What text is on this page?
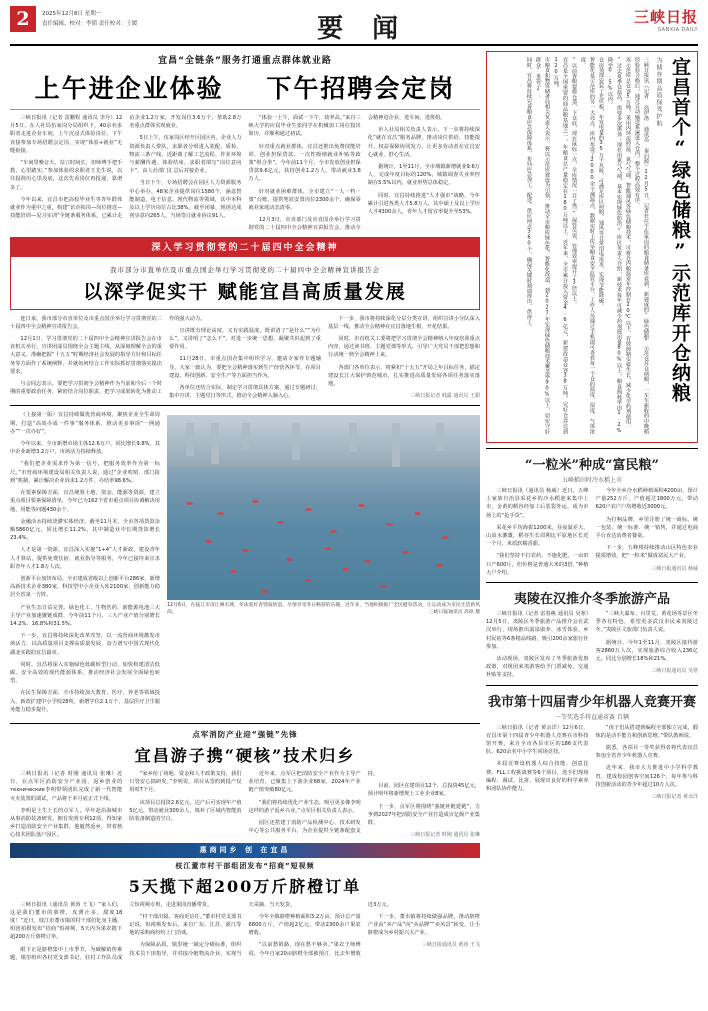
2	2025年12月8日 星期一
责任编辑、校对：李韬 责任校对：王媛	要 闻	三峡日报
SANXIA DAILY
宜昌“全链条”服务打通重点群体就业路
上午进企业体验 下午招聘会定岗

三峡日报讯（记者 雷鹏程 通讯员 李丹）12月5日，在人社局伍家岗分局组织下，40余名求职者走进企业车间，上午沉浸式体验岗位，下午直接参加专场招聘会定岗，实现“体验+就业”无缝衔接。

“车间里噪音大、站立时间长，但师傅手把手教，心里踏实。”参加体验的求职者王先生说，以往投简历心里没底，这次先看岗位再投递，靠谱多了。

今年以来，宜昌市把高校毕业生等青年群体就业作为重中之重，构建“访企拓岗—岗位推送—技能培训—见习实训”全链条服务体系，已累计走访企业1.2万家，开发岗位3.6万个，帮助2.8万名重点群体实现就业。

5日上午，伍家岗区经开区园区内，企业人力资源负责人带队，求职者分组进入装配、质检、物流三条产线，近距离了解工艺流程、作业环境与薪酬待遇。体验结束，求职者填写“岗位意向卡”，由人社部门汇总后对接企业。

当日下午，专场招聘会在园区人力资源服务中心举办，48家企业提供岗位1580个，涵盖智能制造、电子信息、现代物流等领域，其中本科及以上学历岗位占比38%。截至闭幕，现场达成初步意向265人，当场签订就业协议91人。

“体验一上午，面试一下午，效率高。”来自三峡大学的应届毕业生张同学在机械加工岗位投出简历，并顺利通过初试。

针对重点就业群体，宜昌还推出免费技能培训、创业担保贷款、一次性吸纳就业补贴等政策“组合拳”。今年前11个月，全市发放创业担保贷款9.6亿元，扶持创业1.2万人，带动就业3.8万人。

针对就业困难群体，全市建立“一人一档一策”台账，提供兜底安置岗位2300余个，确保零就业家庭动态清零。

12月3日，市直部门及市直国企举行学习贯彻党的二十届四中全会精神宣讲报告会，推动全会精神进企业、进车间、进班组。

市人社局相关负责人表示，下一步将持续深化“就在宜昌”服务品牌，推动岗位供给、技能提升、权益保障协同发力，让更多劳动者在宜昌安心就业、舒心生活。

据统计，1至11月，全市城镇新增就业9.6万人，完成年度目标的120%，城镇调查失业率控制在5.5%以内，就业形势总体稳定。

同时，宜昌持续推进“人才强市”战略，今年累计引进各类人才5.8万人，其中硕士及以上学历人才4300余人，青年人才留宜率提升至53%。

深入学习贯彻党的二十届四中全会精神
我市部分市直单位及市重点国企举行学习贯彻党的二十届四中全会精神宣讲报告会
以深学促实干 赋能宜昌高质量发展

连日来，我市部分市直单位及市重点国企举行学习贯彻党的二十届四中全会精神宣讲报告会。

12月1日，学习贯彻党的二十届四中全会精神宣讲报告会在市直机关举行，宣讲团成员围绕全会主题主线，从深刻理解全会的重大意义、准确把握“十五五”时期经济社会发展的指导方针和目标任务等方面作了系统阐释，并就如何结合工作实际抓好贯彻落实提出要求。

与会同志表示，要把学习贯彻全会精神作为当前和今后一个时期的重要政治任务，紧密结合岗位职责，把学习成果转化为推动工作的强大动力。

宣讲既有理论高度，又有实践温度，既讲清了“是什么”“为什么”，又讲明了“怎么干”，对进一步统一思想、凝聚共识起到了重要作用。

11月28日，市重点国企集中组织学习，邀请专家作专题辅导。大家一致认为，要把全会精神落实到生产经营各环节，在项目建设、科技创新、安全生产等方面担当作为。

各单位还结合实际，制定学习贯彻具体方案，通过专题研讨、集中宣讲、主题党日等形式，推动全会精神入脑入心。

下一步，我市将持续深化分层分类宣讲，组织宣讲小分队深入基层一线，推动全会精神在宜昌落地生根、开花结果。

同时，市直机关工委将把学习贯彻全会精神纳入年度培训重点内容，通过读书班、主题党课等形式，引导广大党员干部把思想和行动统一到全会精神上来。

各部门各单位表示，将紧扣“十五五”开局之年目标任务，锚定建设长江大保护典范城市，扎实推进高质量发展各项任务落实落地。

三峡日报记者 韩露 通讯员 王甜

（上接第一版）宜昌持续做优营商环境，聚焦企业全生命周期，打造“高效办成一件事”服务体系，推动更多事项“一网通办”“一次办好”。

今年以来，全市新增市场主体12.6万户，同比增长9.8%，其中企业新增3.2万户，市场活力持续释放。

“我们把企业需求作为第一信号，把服务效率作为第一标尺。”市营商环境建设局相关负责人说，通过“企业吹哨、部门报到”机制，累计解决企业诉求1.2万件，办结率98.6%。

在要素保障方面，宜昌统筹土地、资金、能源等资源，建立重点项目要素保障清单，今年已为162个省市重点项目协调解决用地、用能等问题430余个。

金融活水持续浇灌实体经济。截至11月末，全市各项贷款余额5860亿元，同比增长11.2%，其中制造业中长期贷款增长23.4%。

人才是第一资源。宜昌深入实施“1+4”人才新政，建设青年人才驿站，提供免费住宿、就业指导等服务，今年已接待来宜求职青年人才1.8万人次。

创新平台加快布局。全市建成省级以上创新平台286家，新增高新技术企业380家，科技型中小企业入库2100家，创新能力稳居全省第一方阵。

产业生态日益完善。绿色化工、生物医药、新能源电池三大主导产业加速聚链成群，今年前11个月，三大产业产值分别增长14.2%、16.8%和31.5%。

下一步，宜昌将持续深化改革攻坚，以一流营商环境激发市场活力，以高质量项目支撑高质量发展，奋力谱写中国式现代化湖北实践的宜昌篇章。

同时，宜昌将深入实施绿色低碳转型行动，加快构建清洁低碳、安全高效的现代能源体系，推动经济社会发展全面绿色转型。

在民生保障方面，全市持续加大教育、医疗、养老等领域投入，新改扩建中小学校28所，新增学位2.1万个，基层医疗卫生服务能力稳步提升。

12月6日，在枝江市清江闸水域，冬泳爱好者劈波斩浪，尽情享受冬日畅游的乐趣。近年来，当地积极推广全民健身活动，让运动成为市民生活新风尚。	三峡日报通讯员 高原 摄
点军消防产业迎“强链”先锋
宜昌游子携“硬核”技术归乡

三峡日报讯（记者 时刚 通讯员 张琳）近日，在点军区消防安全产业园，返乡创业的технические李明带领团队完成了新一代智能灭火装置的调试，产品将于本月底正式下线。

李明是土生土长的点军人，早年赴沿海城市从事消防装备研发，拥有发明专利12项。得知家乡打造消防安全产业集群，他毅然返乡，带着核心技术团队落户园区。

“家乡给了场地、资金和人才政策支持，我们只管安心搞研发。”李明说，项目从签约到投产仅用时7个月。

该项目总投资2.6亿元，达产后可实现年产值5亿元，带动就业300余人，填补了区域内智能消防装备制造的空白。

近年来，点军区把消防安全产业作为主导产业培育，已聚集上下游企业68家，2024年产业链产值突破80亿元。

“我们将持续优化产业生态，吸引更多像李明这样的游子返乡兴业。”点军区相关负责人表示。

园区还搭建了消防产品检测中心、技术研发中心等公共服务平台，为企业提供全链条配套支持。

目前，园区在建项目12个，总投资45亿元，预计明年将新增规上工业企业8家。

下一步，点军区将围绕“强链补链延链”，力争到2027年把消防安全产业打造成百亿级产业集群。

三峡日报记者 时刚 通讯员 张琳
惠商同乡 创 在宜昌
枝江董市村干部组团发布“招商”短视频
5天揽下超200万斤脐橙订单

三峡日报讯（通讯员 黄涛 王飞）“家人们，这是我们董市的脐橙，皮薄汁多、甜度18度！”近日，枝江市董市镇的村干部们化身主播，组团拍摄发布“招商”短视频，5天内为果农揽下超200万斤脐橙订单。

眼下正是脐橙集中上市季节，为破解销售难题，镇里组织各村党支部书记、驻村工作队员成立短视频专班，走进果园直播带货。

“村干部出镜，客商更信任。”董市村党支部书记说，短视频发布后，来自广东、江苏、浙江等地的采购商纷纷上门洽谈。

为保障品质，镇里统一制定分级标准，组织技术员下田指导，并对接冷链物流企业，实现当天采摘、当天发货。

今年全镇脐橙种植面积3.2万亩，预计总产量6800万斤，产值超2亿元，带动2300余户果农增收。

“以前愁销路，现在愁不够卖。”果农王师傅说，今年自家20亩脐橙全部被预订，比去年增收近3万元。

下一步，董市镇将持续做强品牌，推动脐橙产业由“卖产品”向“卖品牌”“卖风景”转变，让小脐橙成为乡村振兴大产业。

三峡日报通讯员 黄涛 王飞

三峡日报讯（记者 高伊洛 通讯员 秦启源）12月5日，记者在位于伍家岗的粮食储备库看到，新建成的“绿色储粮”示范仓开仓纳粮，一车车新收的中晚稻经检验合格后，通过自动输送系统进入仓内，整个过程高效有序。

该示范库总仓容5万吨，采用内环流控温、氮气气调、智能通风等绿色储粮技术，可将仓内粮温常年控制在20℃以下，有效抑制虫霉生长，减少化学药剂使用。

“过去夏季仓温高，需要多次熏蒸；现在用氮气气调，基本实现绿色防治。”库区负责人介绍，新技术每年可减少药剂使用量80%以上，粮食损耗率由1.2%降至0.5%以内。

仓房顶部安装了光伏板，年发电量约35万千瓦时，可满足库区照明、通风等日常用电需求，实现节能降碳。

智能化是示范库的另一大亮点。库内布设了2000余个测温点，数据实时上传至粮食安全监管平台，工作人员通过手机即可查看每一个仓的温度、湿度、气体浓度。

“以前查粮要爬仓顶、下仓底，现在鼠标一点，全库情况一目了然。”保管员说，管理效率提升了3倍以上。

宜昌是全国重要的商品粮基地之一，年粮食总产量稳定在180万吨以上。近年来，全市累计投入资金4.6亿元，新建改造仓容38万吨，完好仓容达到120万吨。

市粮食和物资储备局相关负责人表示，将以示范库建设为引领，推动全市粮库绿色化、智能化改造，到2027年实现绿色储粮技术覆盖率90%以上，切实守好群众“米袋子”。

同时，宜昌将持续完善粮食应急保障体系，布局应急加工、配送、供应网点360个，确保关键时刻调得出、供得上。	为储存期品质保驾护航 宜昌首个“绿色储粮”示范库开仓纳粮
“一粒米”种成“富民粮”
五峰稻田时冷水稻上市

三峡日报讯（通讯员 杨威）近日，五峰土家族自治县采花乡的冷水稻迎来集中上市，金黄的稻谷经加工后装袋外运，成为市场上的“抢手货”。

采花乡平均海拔1200米，昼夜温差大，山泉水灌溉，稻谷生长周期比平原地区长近一个月，米质软糯香甜。

“我们坚持不打农药、不施化肥，一亩田只产600斤，但价格是普通大米的3倍。”种植大户介绍。

今年全乡冷水稻种植面积4200亩，预计产量252万斤，产值超过1800万元，带动620户农户户均增收近3000元。

为打响品牌，乡里注册了统一商标，统一包装、统一标准、统一销售，并通过电商平台直达消费者餐桌。

下一步，五峰将持续推动山区特色农业提质增效，把“一粒米”做成富民大产业。

三峡日报通讯员 杨威
夷陵在汉推介冬季旅游产品

三峡日报讯（记者 雷春桃 通讯员 吴寒）12月5日，夷陵区冬季旅游产品推介会在武汉举行，现场推出温泉康养、冰雪体验、乡村民宿等6条精品线路，吸引200余家旅行社参加。

活动现场，夷陵区发布了冬季旅游优惠政策，对组团来夷游客给予门票减免、交通补贴等支持。

“三峡大瀑布、百里荒、黄花场等景区冬季各有特色，希望更多武汉市民来夷陵过冬。”夷陵区文旅部门负责人说。

据统计，今年1至11月，夷陵区接待游客2860万人次，实现旅游综合收入236亿元，同比分别增长18%和21%。

三峡日报通讯员 吴寒
我市第十四届青少年机器人竞赛开赛
一等奖选手将直通省赛 百辆

三峡日报讯（记者 黄余洋）12月6日，宜昌市第十四届青少年机器人竞赛在市科技馆开赛，来自全市各县市区的186支代表队、620余名中小学生同场竞技。

本届竞赛设机器人综合技能、创意比赛、FLL工程挑战赛等6个项目，选手们现场编程、调试、比拼，展现出良好的科学素养和团队协作能力。

“孩子们从搭建到编程全部独立完成，锻炼的是动手能力和创新思维。”带队教师说。

据悉，各项目一等奖获得者将代表宜昌参加全省青少年机器人竞赛。

近年来，我市大力推进中小学科学教育，建成校园创客空间126个，每年参与科技创新活动的青少年超过10万人次。

三峡日报记者 黄余洋
